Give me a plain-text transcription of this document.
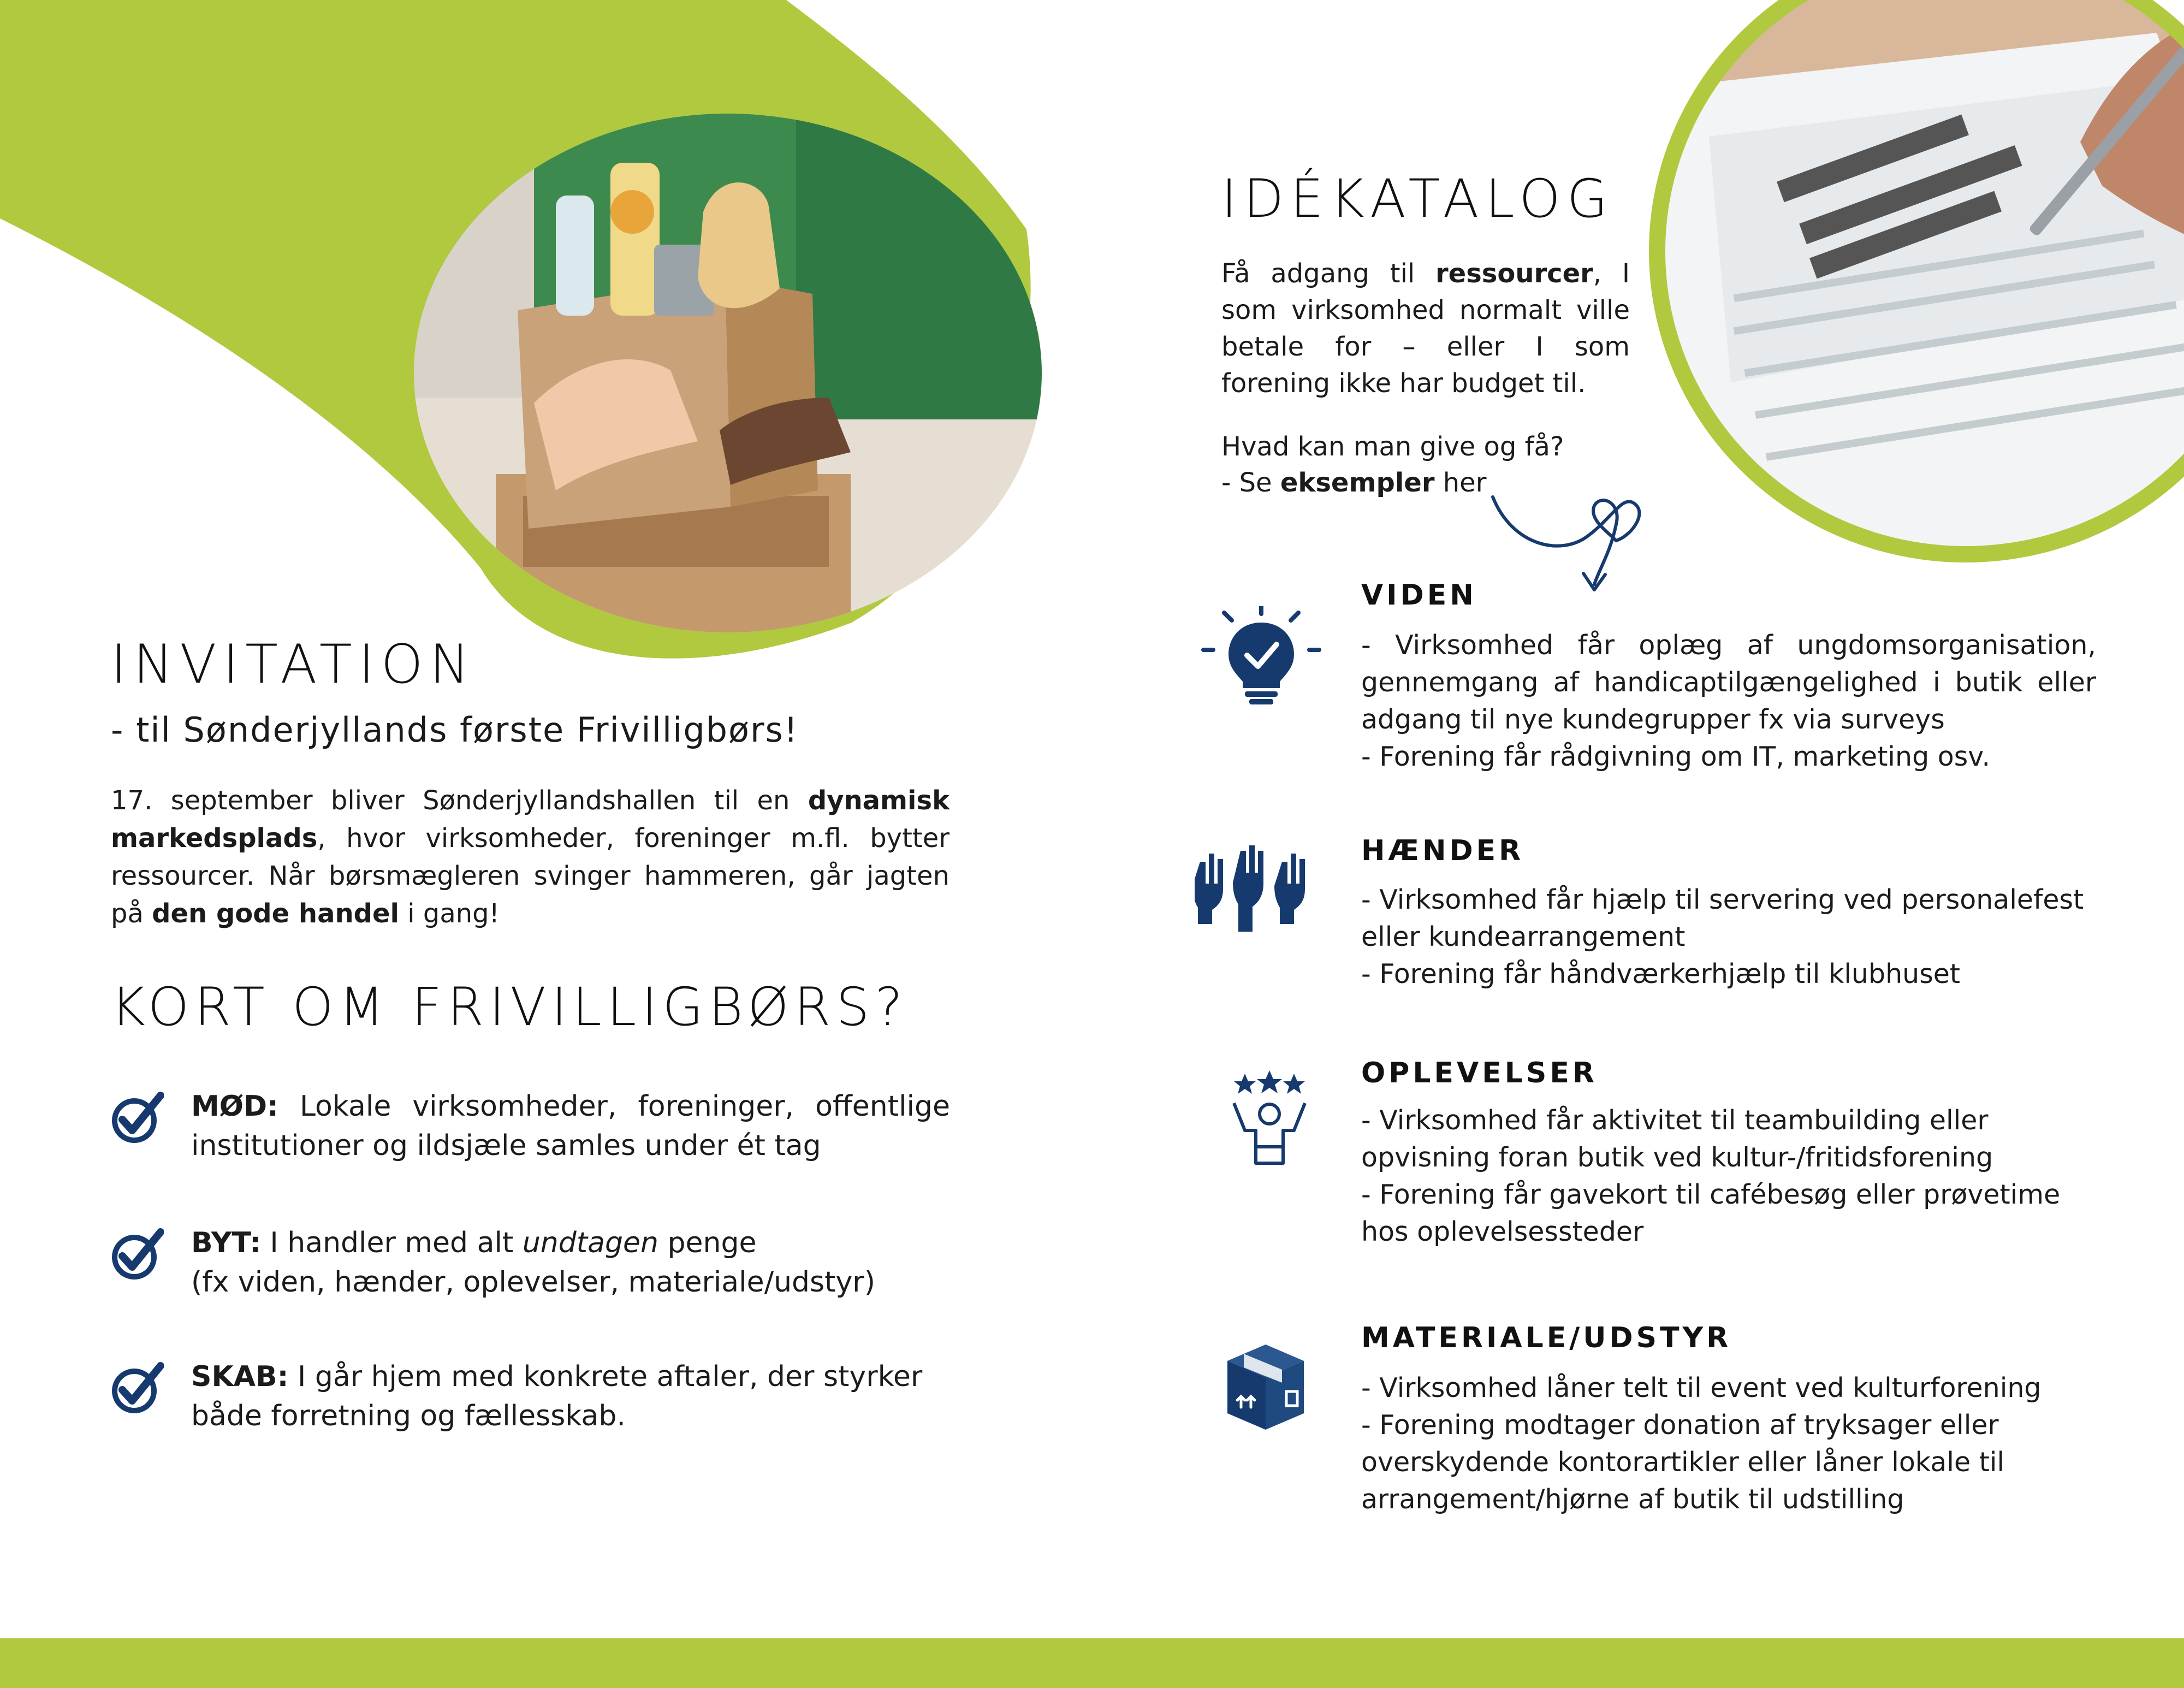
INVITATION
- til Sønderjyllands første Frivilligbørs!

17. september bliver Sønderjyllandshallen til en dynamisk markedsplads, hvor virksomheder, foreninger m.fl. bytter ressourcer. Når børsmægleren svinger hammeren, går jagten på den gode handel i gang!

KORT OM FRIVILLIGBØRS?

MØD: Lokale virksomheder, foreninger, offentlige institutioner og ildsjæle samles under ét tag

BYT: I handler med alt undtagen penge
(fx viden, hænder, oplevelser, materiale/udstyr)

SKAB: I går hjem med konkrete aftaler, der styrker både forretning og fællesskab.

IDÉKATALOG

Få adgang til ressourcer, I som virksomhed normalt ville betale for – eller I som forening ikke har budget til.

Hvad kan man give og få?
- Se eksempler her
VIDEN

- Virksomhed får oplæg af ungdomsorganisation, gennemgang af handicaptilgængelighed i butik eller adgang til nye kundegrupper fx via surveys
- Forening får rådgivning om IT, marketing osv.

HÆNDER

- Virksomhed får hjælp til servering ved personalefest eller kundearrangement
- Forening får håndværkerhjælp til klubhuset

OPLEVELSER

- Virksomhed får aktivitet til teambuilding eller opvisning foran butik ved kultur-/fritidsforening
- Forening får gavekort til cafébesøg eller prøvetime hos oplevelsessteder

MATERIALE/UDSTYR

- Virksomhed låner telt til event ved kulturforening
- Forening modtager donation af tryksager eller overskydende kontorartikler eller låner lokale til arrangement/hjørne af butik til udstilling
